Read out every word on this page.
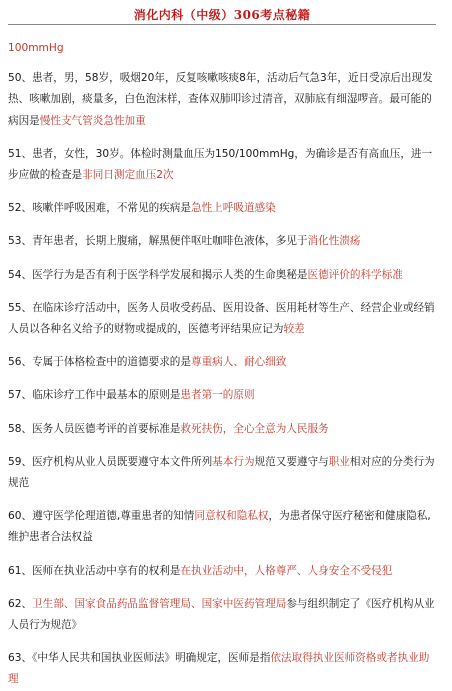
消化内科（中级）306考点秘籍

100mmHg

50、患者，男，58岁，吸烟20年，反复咳嗽咳痰8年，活动后气急3年，近日受凉后出现发热、咳嗽加剧，痰量多，白色泡沫样，查体双肺叩诊过清音，双肺底有细湿啰音。最可能的病因是慢性支气管炎急性加重

51、患者，女性，30岁。体检时测量血压为150/100mmHg，为确诊是否有高血压，进一步应做的检查是非同日测定血压2次

52、咳嗽伴呼吸困难，不常见的疾病是急性上呼吸道感染

53、青年患者，长期上腹痛，解黑便伴呕吐咖啡色液体，多见于消化性溃疡

54、医学行为是否有利于医学科学发展和揭示人类的生命奥秘是医德评价的科学标准

55、在临床诊疗活动中，医务人员收受药品、医用设备、医用耗材等生产、经营企业或经销人员以各种名义给予的财物或提成的，医德考评结果应记为较差

56、专属于体格检查中的道德要求的是尊重病人、耐心细致

57、临床诊疗工作中最基本的原则是患者第一的原则

58、医务人员医德考评的首要标准是救死扶伤，全心全意为人民服务

59、医疗机构从业人员既要遵守本文件所列基本行为规范又要遵守与职业相对应的分类行为规范

60、遵守医学伦理道德,尊重患者的知情同意权和隐私权，为患者保守医疗秘密和健康隐私,维护患者合法权益

61、医师在执业活动中享有的权利是在执业活动中，人格尊严、人身安全不受侵犯

62、卫生部、国家食品药品监督管理局、国家中医药管理局参与组织制定了《医疗机构从业人员行为规范》

63、《中华人民共和国执业医师法》明确规定，医师是指依法取得执业医师资格或者执业助理
